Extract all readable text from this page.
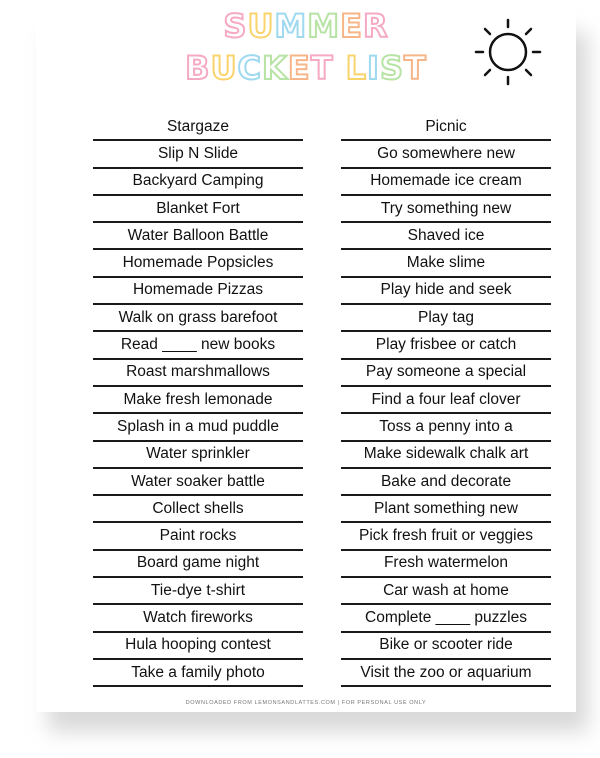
SUMMER
BUCKET LIST
Stargaze
Slip N Slide
Backyard Camping
Blanket Fort
Water Balloon Battle
Homemade Popsicles
Homemade Pizzas
Walk on grass barefoot
Read ____ new books
Roast marshmallows
Make fresh lemonade
Splash in a mud puddle
Water sprinkler
Water soaker battle
Collect shells
Paint rocks
Board game night
Tie-dye t-shirt
Watch fireworks
Hula hooping contest
Take a family photo
Picnic
Go somewhere new
Homemade ice cream
Try something new
Shaved ice
Make slime
Play hide and seek
Play tag
Play frisbee or catch
Pay someone a special
Find a four leaf clover
Toss a penny into a
Make sidewalk chalk art
Bake and decorate
Plant something new
Pick fresh fruit or veggies
Fresh watermelon
Car wash at home
Complete ____ puzzles
Bike or scooter ride
Visit the zoo or aquarium
DOWNLOADED FROM LEMONSANDLATTES.COM | FOR PERSONAL USE ONLY
